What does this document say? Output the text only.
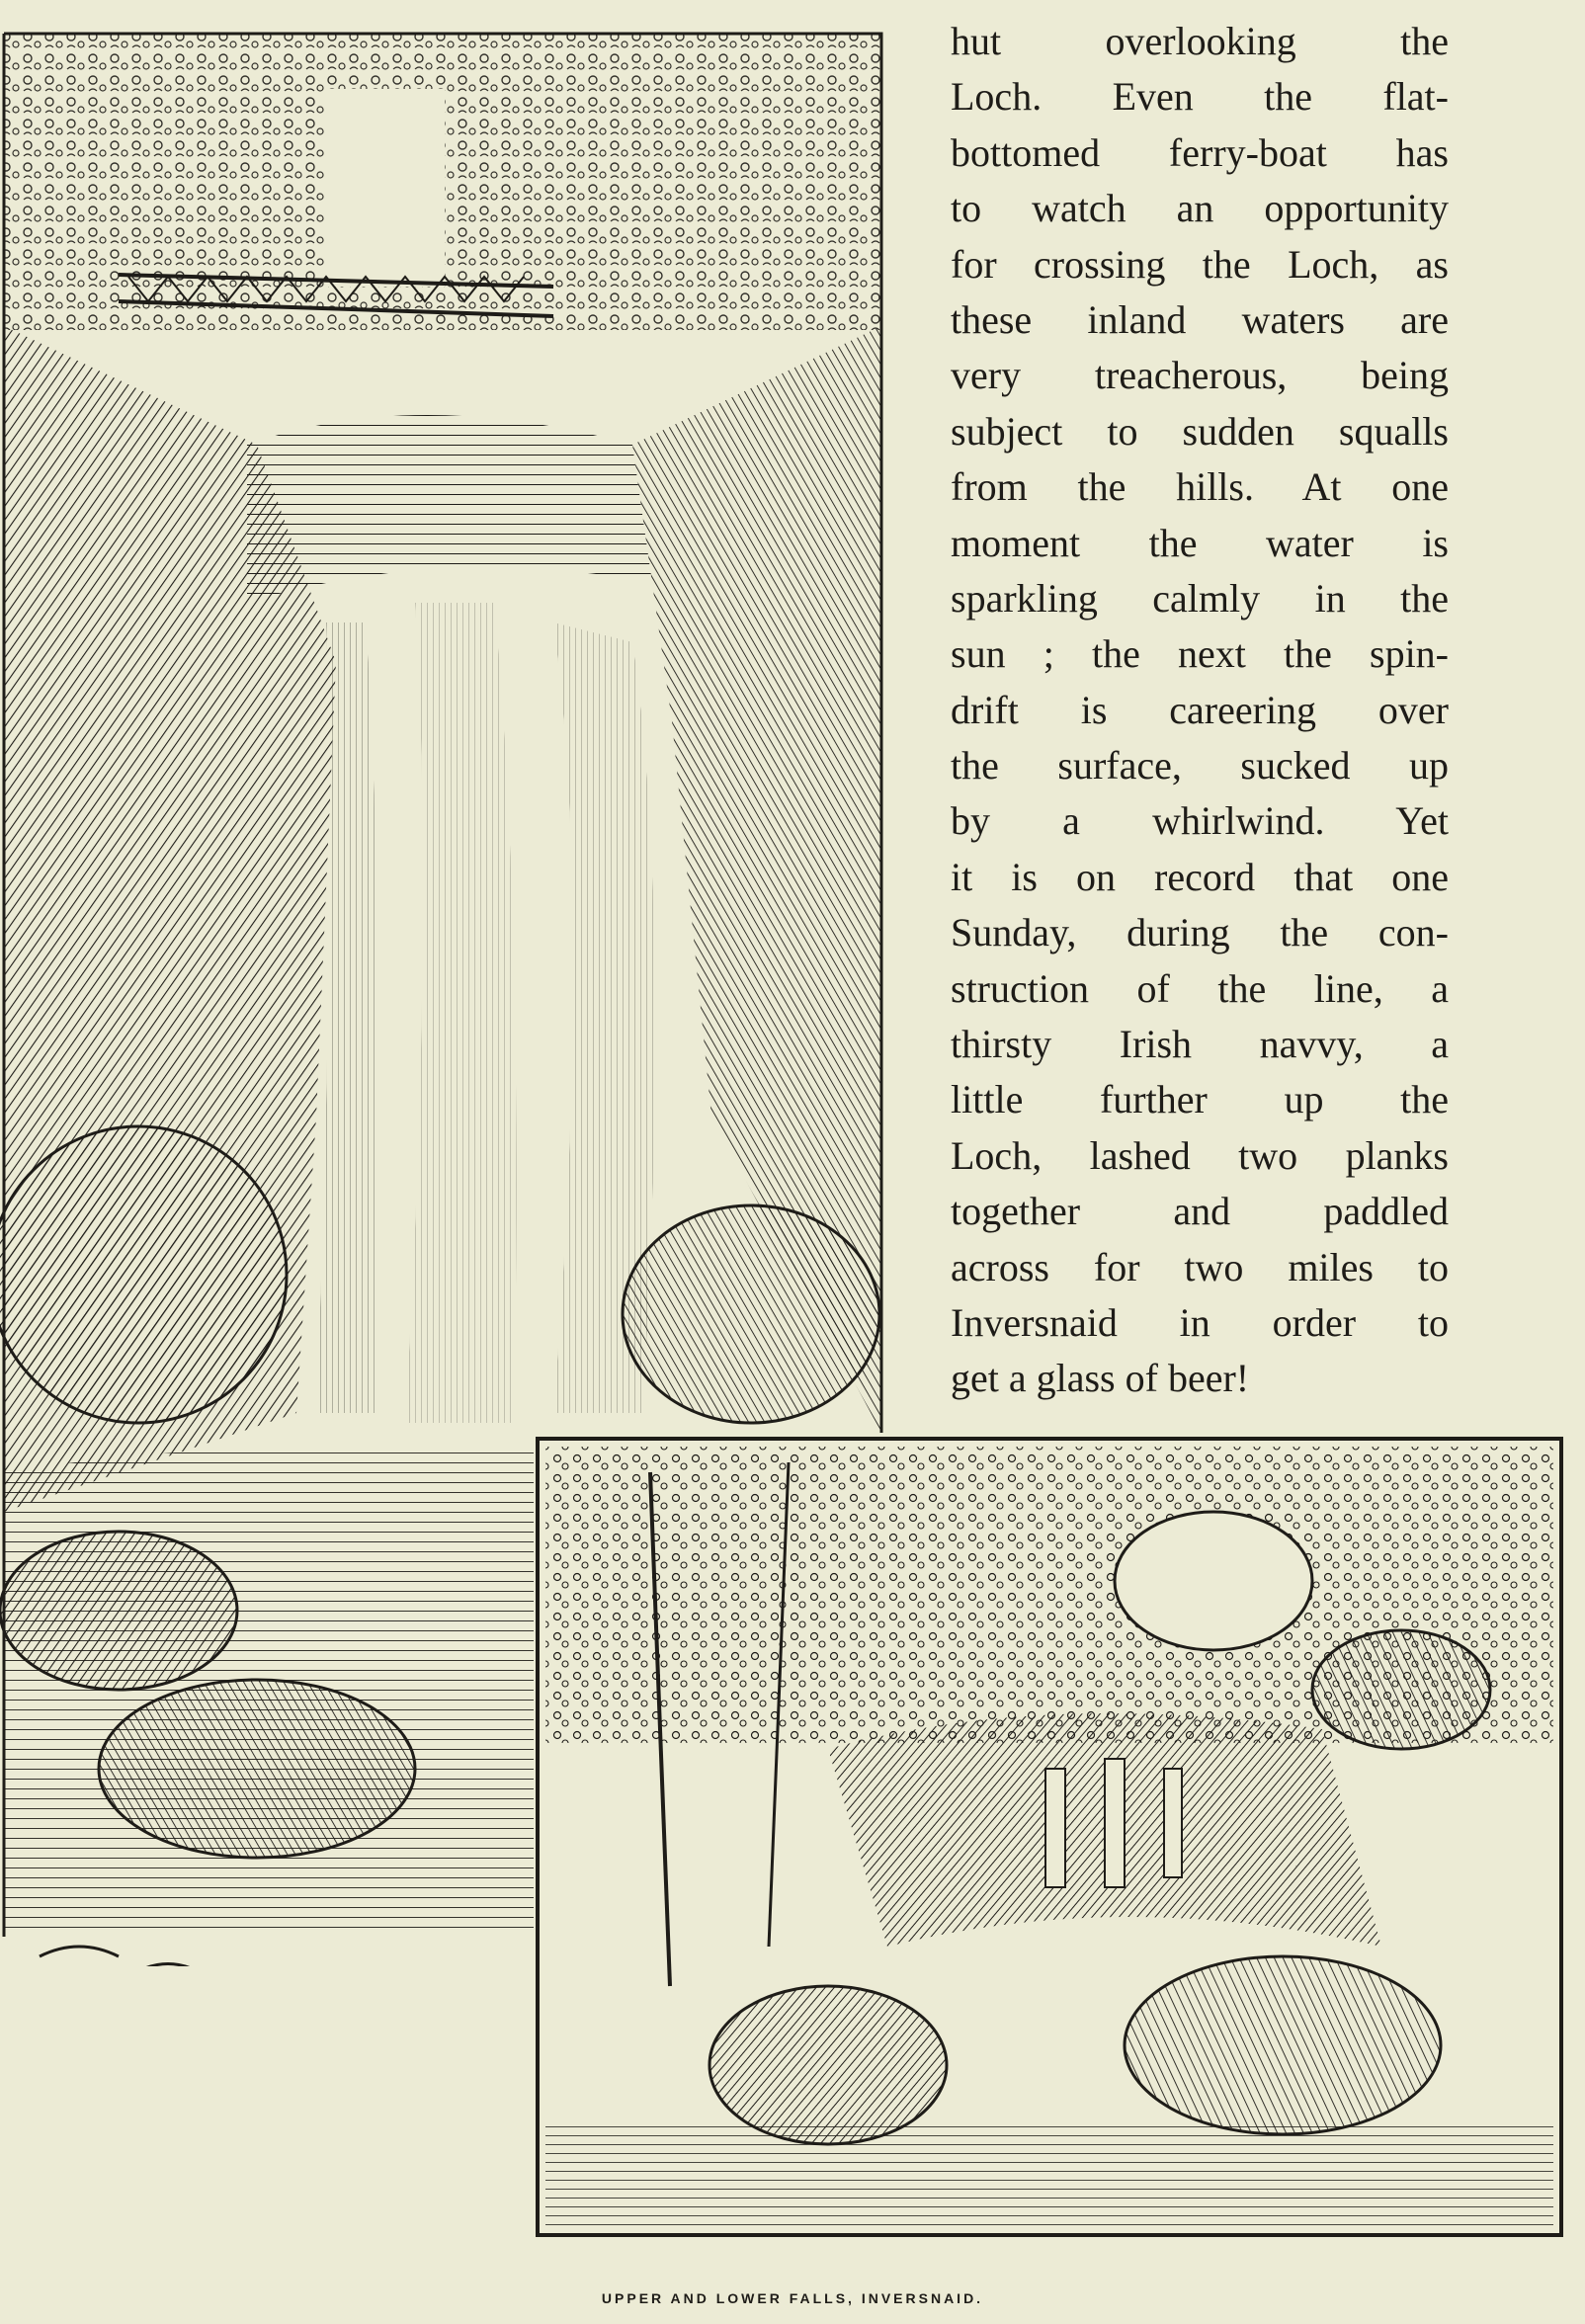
hut overlooking the
Loch. Even the flat-
bottomed ferry-boat has
to watch an opportunity
for crossing the Loch, as
these inland waters are
very treacherous, being
subject to sudden squalls
from the hills. At one
moment the water is
sparkling calmly in the
sun ; the next the spin-
drift is careering over
the surface, sucked up
by a whirlwind. Yet
it is on record that one
Sunday, during the con-
struction of the line, a
thirsty Irish navvy, a
little further up the
Loch, lashed two planks
together and paddled
across for two miles to
Inversnaid in order to
get a glass of beer!
UPPER AND LOWER FALLS, INVERSNAID.
